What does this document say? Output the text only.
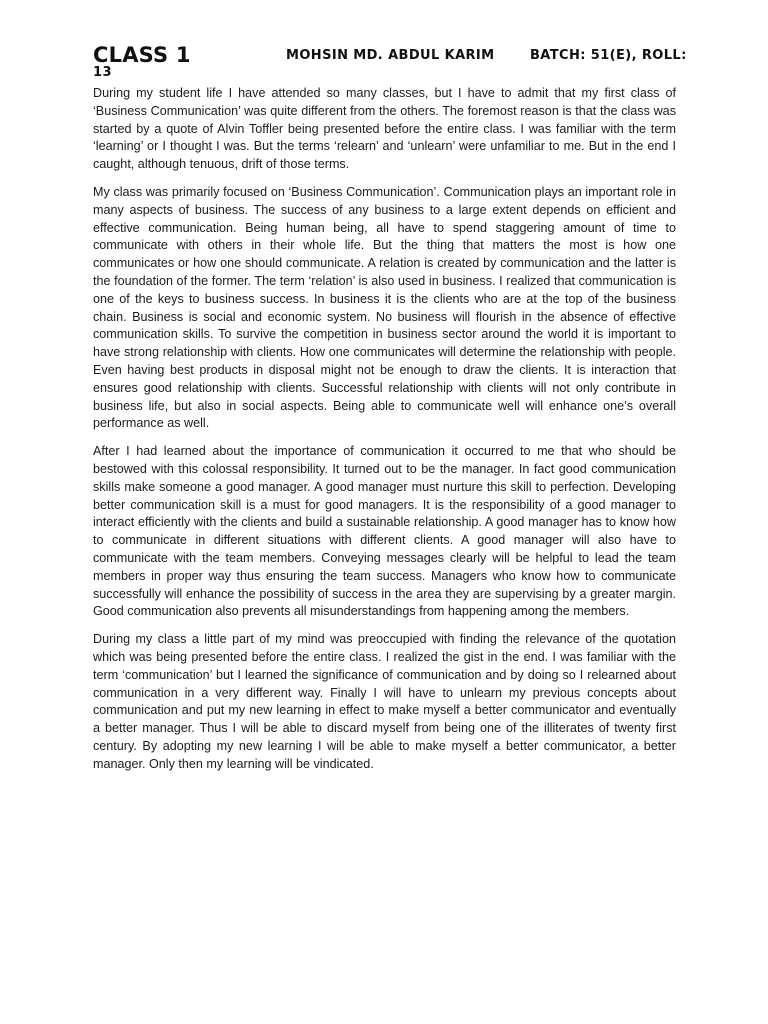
CLASS 1	MOHSIN MD. ABDUL KARIM	BATCH: 51(E), ROLL:
13

During my student life I have attended so many classes, but I have to admit that my first class of ‘Business Communication’ was quite different from the others. The foremost reason is that the class was started by a quote of Alvin Toffler being presented before the entire class. I was familiar with the term ‘learning’ or I thought I was. But the terms ‘relearn’ and ‘unlearn’ were unfamiliar to me. But in the end I caught, although tenuous, drift of those terms.

My class was primarily focused on ‘Business Communication’. Communication plays an important role in many aspects of business. The success of any business to a large extent depends on efficient and effective communication. Being human being, all have to spend staggering amount of time to communicate with others in their whole life. But the thing that matters the most is how one communicates or how one should communicate. A relation is created by communication and the latter is the foundation of the former. The term ‘relation’ is also used in business. I realized that communication is one of the keys to business success. In business it is the clients who are at the top of the business chain. Business is social and economic system. No business will flourish in the absence of effective communication skills. To survive the competition in business sector around the world it is important to have strong relationship with clients. How one communicates will determine the relationship with people. Even having best products in disposal might not be enough to draw the clients. It is interaction that ensures good relationship with clients. Successful relationship with clients will not only contribute in business life, but also in social aspects. Being able to communicate well will enhance one’s overall performance as well.

After I had learned about the importance of communication it occurred to me that who should be bestowed with this colossal responsibility. It turned out to be the manager. In fact good communication skills make someone a good manager. A good manager must nurture this skill to perfection. Developing better communication skill is a must for good managers. It is the responsibility of a good manager to interact efficiently with the clients and build a sustainable relationship. A good manager has to know how to communicate in different situations with different clients. A good manager will also have to communicate with the team members. Conveying messages clearly will be helpful to lead the team members in proper way thus ensuring the team success. Managers who know how to communicate successfully will enhance the possibility of success in the area they are supervising by a greater margin. Good communication also prevents all misunderstandings from happening among the members.

During my class a little part of my mind was preoccupied with finding the relevance of the quotation which was being presented before the entire class. I realized the gist in the end. I was familiar with the term ‘communication’ but I learned the significance of communication and by doing so I relearned about communication in a very different way. Finally I will have to unlearn my previous concepts about communication and put my new learning in effect to make myself a better communicator and eventually a better manager. Thus I will be able to discard myself from being one of the illiterates of twenty first century. By adopting my new learning I will be able to make myself a better communicator, a better manager. Only then my learning will be vindicated.
